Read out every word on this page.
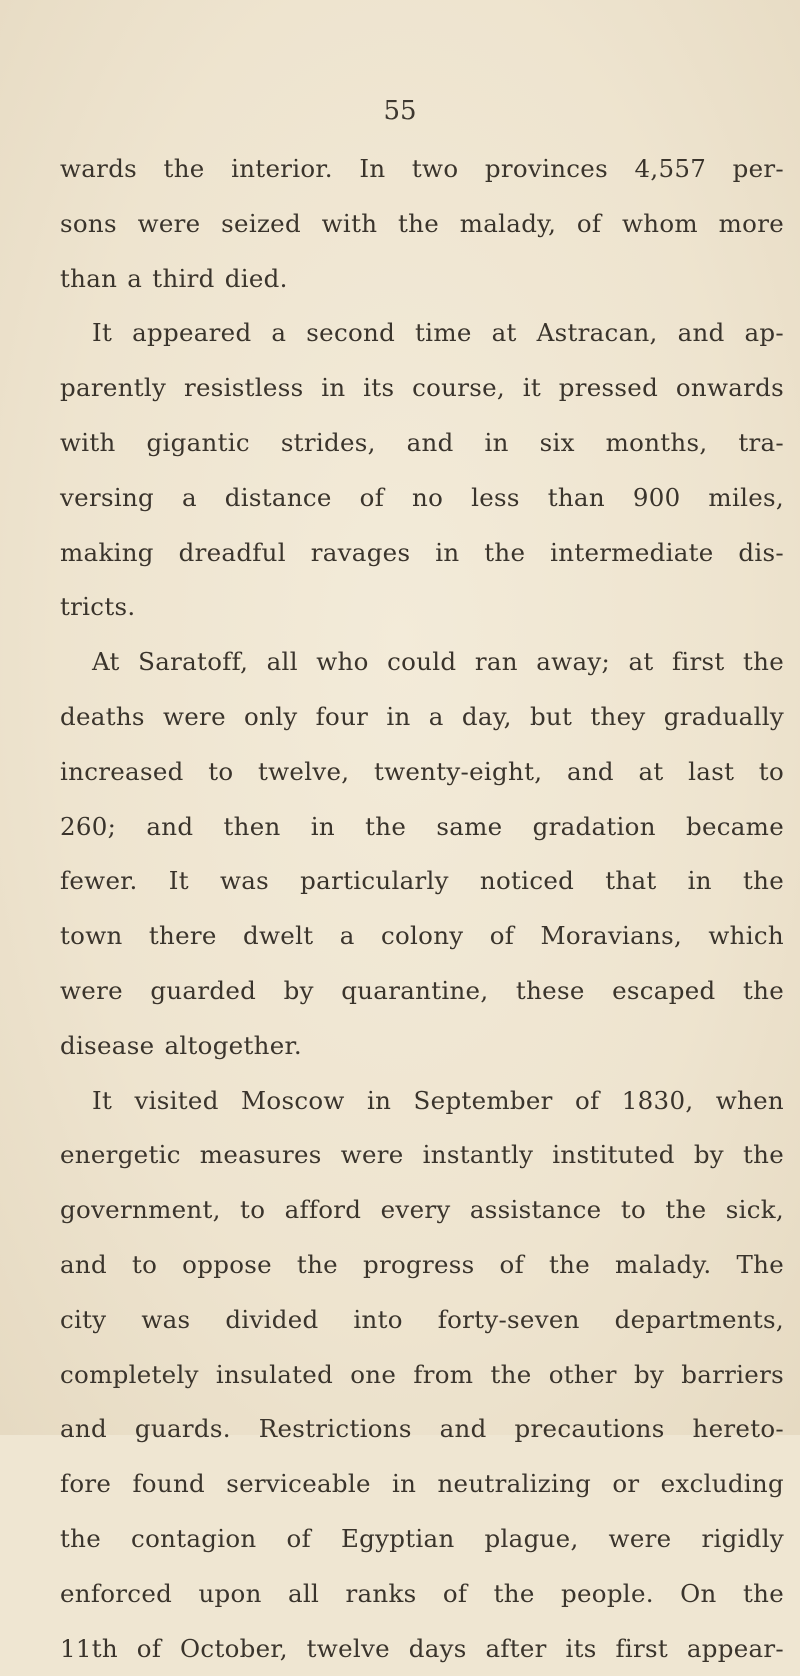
55
wards the interior. In two provinces 4,557 per-
sons were seized with the malady, of whom more
than a third died.
It appeared a second time at Astracan, and ap-
parently resistless in its course, it pressed onwards
with gigantic strides, and in six months, tra-
versing a distance of no less than 900 miles,
making dreadful ravages in the intermediate dis-
tricts.
At Saratoff, all who could ran away; at first the
deaths were only four in a day, but they gradually
increased to twelve, twenty-eight, and at last to
260; and then in the same gradation became
fewer. It was particularly noticed that in the
town there dwelt a colony of Moravians, which
were guarded by quarantine, these escaped the
disease altogether.
It visited Moscow in September of 1830, when
energetic measures were instantly instituted by the
government, to afford every assistance to the sick,
and to oppose the progress of the malady. The
city was divided into forty-seven departments,
completely insulated one from the other by barriers
and guards. Restrictions and precautions hereto-
fore found serviceable in neutralizing or excluding
the contagion of Egyptian plague, were rigidly
enforced upon all ranks of the people. On the
11th of October, twelve days after its first appear-
